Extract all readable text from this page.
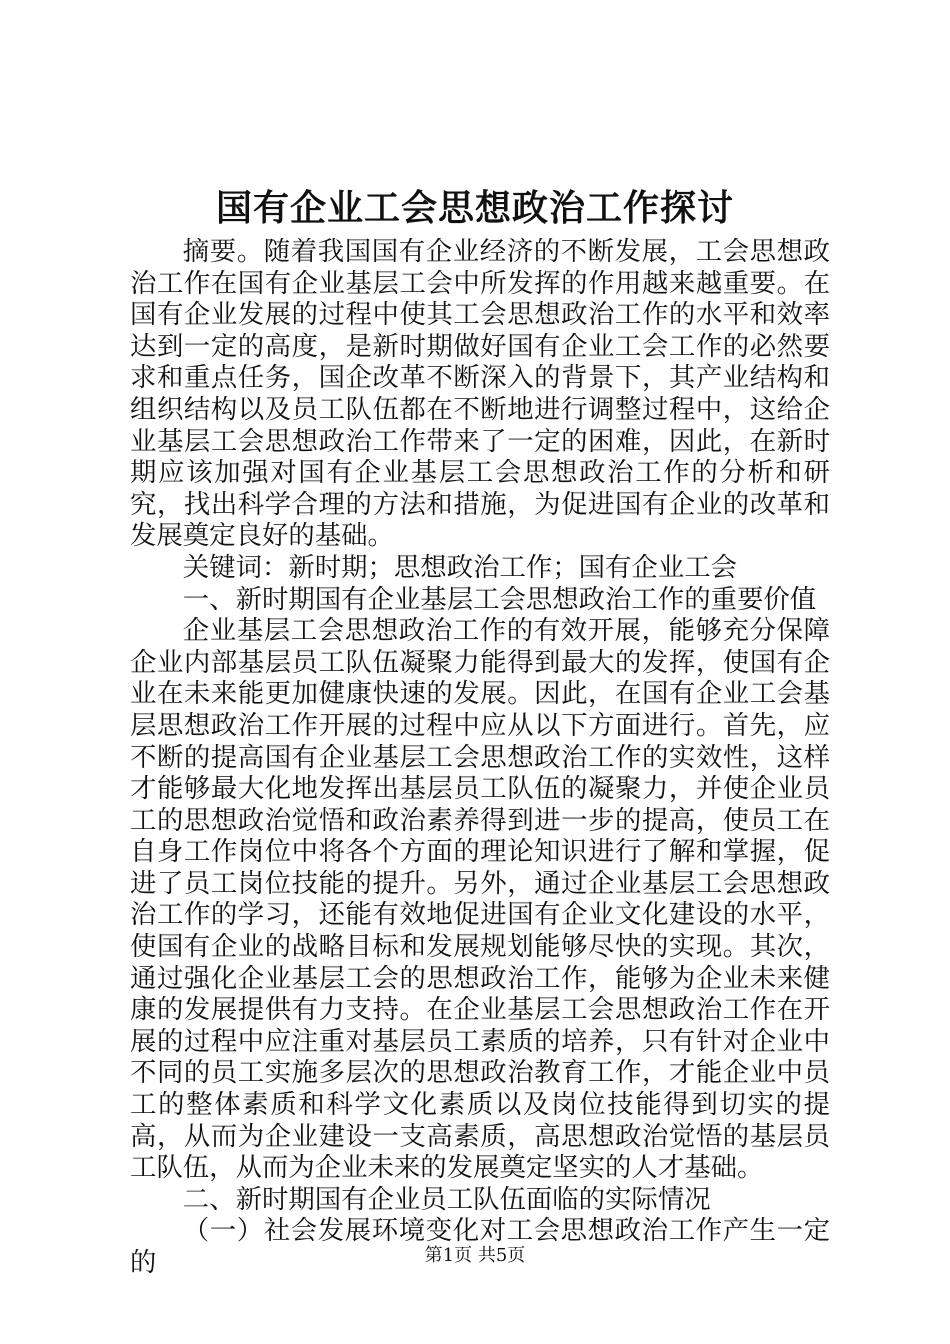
国有企业工会思想政治工作探讨

摘要。随着我国国有企业经济的不断发展，工会思想政治工作在国有企业基层工会中所发挥的作用越来越重要。在国有企业发展的过程中使其工会思想政治工作的水平和效率达到一定的高度，是新时期做好国有企业工会工作的必然要求和重点任务，国企改革不断深入的背景下，其产业结构和组织结构以及员工队伍都在不断地进行调整过程中，这给企业基层工会思想政治工作带来了一定的困难，因此，在新时期应该加强对国有企业基层工会思想政治工作的分析和研究，找出科学合理的方法和措施，为促进国有企业的改革和发展奠定良好的基础。

关键词：新时期；思想政治工作；国有企业工会

一、新时期国有企业基层工会思想政治工作的重要价值

企业基层工会思想政治工作的有效开展，能够充分保障企业内部基层员工队伍凝聚力能得到最大的发挥，使国有企业在未来能更加健康快速的发展。因此，在国有企业工会基层思想政治工作开展的过程中应从以下方面进行。首先，应不断的提高国有企业基层工会思想政治工作的实效性，这样才能够最大化地发挥出基层员工队伍的凝聚力，并使企业员工的思想政治觉悟和政治素养得到进一步的提高，使员工在自身工作岗位中将各个方面的理论知识进行了解和掌握，促进了员工岗位技能的提升。另外，通过企业基层工会思想政治工作的学习，还能有效地促进国有企业文化建设的水平，使国有企业的战略目标和发展规划能够尽快的实现。其次，通过强化企业基层工会的思想政治工作，能够为企业未来健康的发展提供有力支持。在企业基层工会思想政治工作在开展的过程中应注重对基层员工素质的培养，只有针对企业中不同的员工实施多层次的思想政治教育工作，才能企业中员工的整体素质和科学文化素质以及岗位技能得到切实的提高，从而为企业建设一支高素质，高思想政治觉悟的基层员工队伍，从而为企业未来的发展奠定坚实的人才基础。

二、新时期国有企业员工队伍面临的实际情况

（一）社会发展环境变化对工会思想政治工作产生一定的	第1页 共5页
